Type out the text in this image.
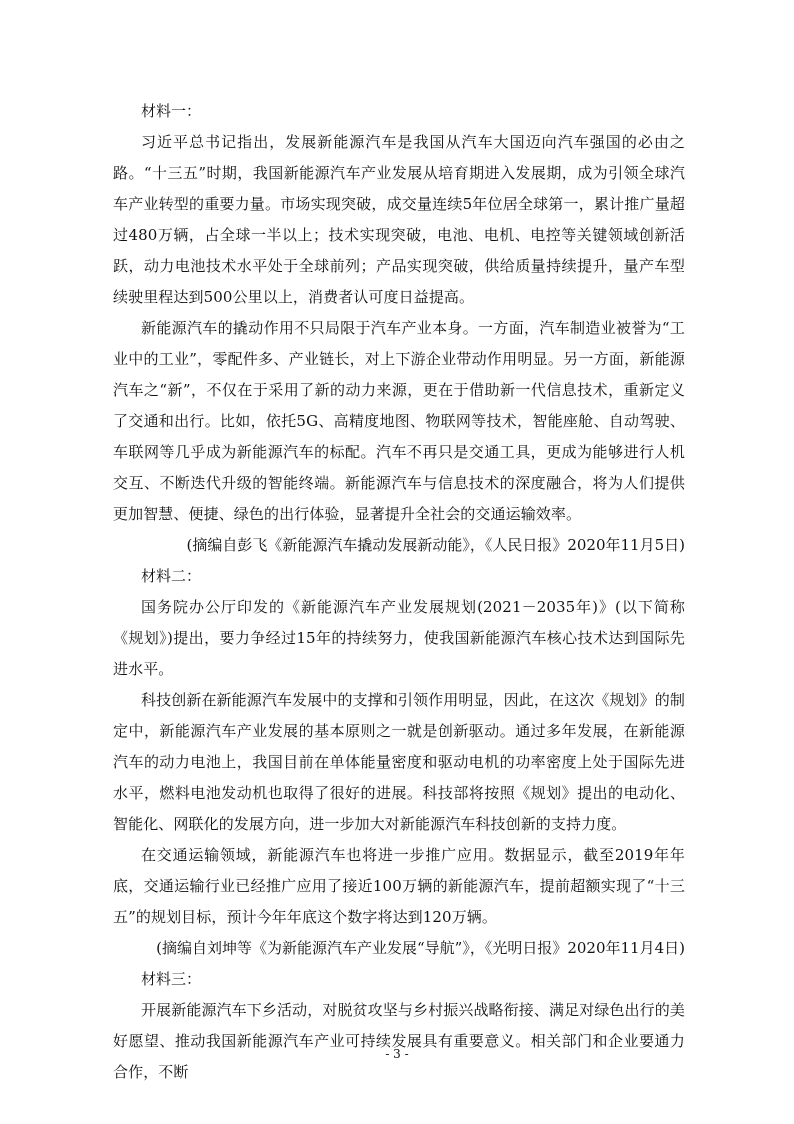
材料一：

习近平总书记指出，发展新能源汽车是我国从汽车大国迈向汽车强国的必由之路。“十三五”时期，我国新能源汽车产业发展从培育期进入发展期，成为引领全球汽车产业转型的重要力量。市场实现突破，成交量连续5年位居全球第一，累计推广量超过480万辆，占全球一半以上；技术实现突破，电池、电机、电控等关键领域创新活跃，动力电池技术水平处于全球前列；产品实现突破，供给质量持续提升，量产车型续驶里程达到500公里以上，消费者认可度日益提高。

新能源汽车的撬动作用不只局限于汽车产业本身。一方面，汽车制造业被誉为“工业中的工业”，零配件多、产业链长，对上下游企业带动作用明显。另一方面，新能源汽车之“新”，不仅在于采用了新的动力来源，更在于借助新一代信息技术，重新定义了交通和出行。比如，依托5G、高精度地图、物联网等技术，智能座舱、自动驾驶、车联网等几乎成为新能源汽车的标配。汽车不再只是交通工具，更成为能够进行人机交互、不断迭代升级的智能终端。新能源汽车与信息技术的深度融合，将为人们提供更加智慧、便捷、绿色的出行体验，显著提升全社会的交通运输效率。

(摘编自彭飞《新能源汽车撬动发展新动能》，《人民日报》2020年11月5日)

材料二：

国务院办公厅印发的《新能源汽车产业发展规划(2021－2035年)》(以下简称《规划》)提出，要力争经过15年的持续努力，使我国新能源汽车核心技术达到国际先进水平。

科技创新在新能源汽车发展中的支撑和引领作用明显，因此，在这次《规划》的制定中，新能源汽车产业发展的基本原则之一就是创新驱动。通过多年发展，在新能源汽车的动力电池上，我国目前在单体能量密度和驱动电机的功率密度上处于国际先进水平，燃料电池发动机也取得了很好的进展。科技部将按照《规划》提出的电动化、智能化、网联化的发展方向，进一步加大对新能源汽车科技创新的支持力度。

在交通运输领域，新能源汽车也将进一步推广应用。数据显示，截至2019年年底，交通运输行业已经推广应用了接近100万辆的新能源汽车，提前超额实现了“十三五”的规划目标，预计今年年底这个数字将达到120万辆。

(摘编自刘坤等《为新能源汽车产业发展“导航”》，《光明日报》2020年11月4日)

材料三：

开展新能源汽车下乡活动，对脱贫攻坚与乡村振兴战略衔接、满足对绿色出行的美好愿望、推动我国新能源汽车产业可持续发展具有重要意义。相关部门和企业要通力合作，不断

- 3 -
